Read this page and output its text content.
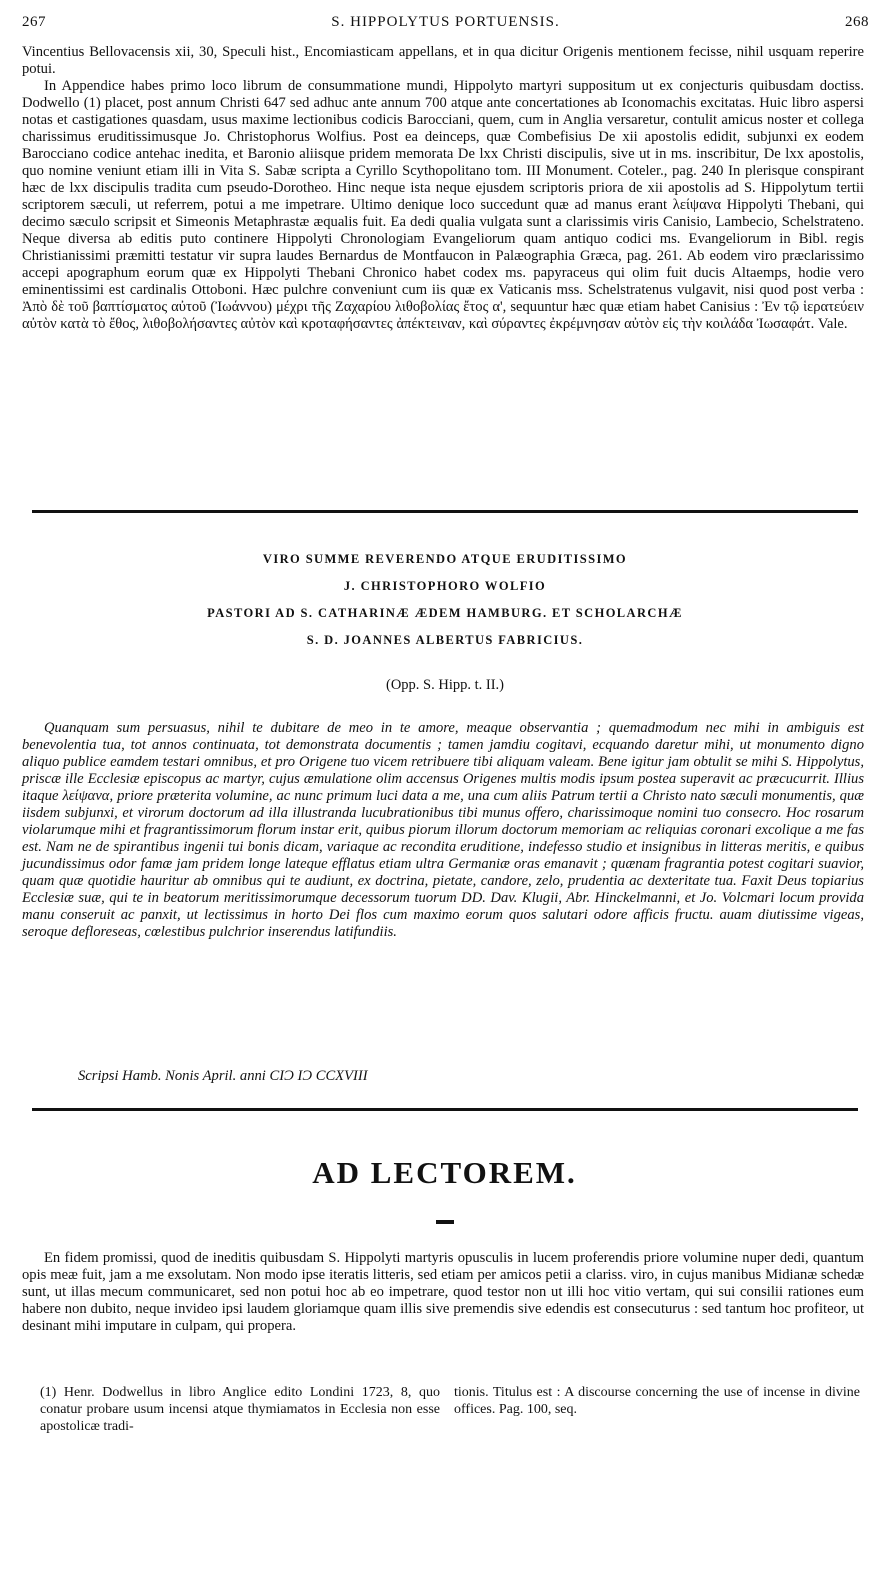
267	S. HIPPOLYTUS PORTUENSIS.	268

Vincentius Bellovacensis xii, 30, Speculi hist., Encomiasticam appellans, et in qua dicitur Origenis mentionem fecisse, nihil usquam reperire potui.

In Appendice habes primo loco librum de consummatione mundi, Hippolyto martyri suppositum ut ex conjecturis quibusdam doctiss. Dodwello (1) placet, post annum Christi 647 sed adhuc ante annum 700 atque ante concertationes ab Iconomachis excitatas. Huic libro aspersi notas et castigationes quasdam, usus maxime lectionibus codicis Barocciani, quem, cum in Anglia versaretur, contulit amicus noster et collega charissimus eruditissimusque Jo. Christophorus Wolfius. Post ea deinceps, quæ Combefisius De xii apostolis edidit, subjunxi ex eodem Barocciano codice antehac inedita, et Baronio aliisque pridem memorata De lxx Christi discipulis, sive ut in ms. inscribitur, De lxx apostolis, quo nomine veniunt etiam illi in Vita S. Sabæ scripta a Cyrillo Scythopolitano tom. III Monument. Coteler., pag. 240 In plerisque conspirant hæc de lxx discipulis tradita cum pseudo-Dorotheo. Hinc neque ista neque ejusdem scriptoris priora de xii apostolis ad S. Hippolytum tertii scriptorem sæculi, ut referrem, potui a me impetrare. Ultimo denique loco succedunt quæ ad manus erant λείψανα Hippolyti Thebani, qui decimo sæculo scripsit et Simeonis Metaphrastæ æqualis fuit. Ea dedi qualia vulgata sunt a clarissimis viris Canisio, Lambecio, Schelstrateno. Neque diversa ab editis puto continere Hippolyti Chronologiam Evangeliorum quam antiquo codici ms. Evangeliorum in Bibl. regis Christianissimi præmitti testatur vir supra laudes Bernardus de Montfaucon in Palæographia Græca, pag. 261. Ab eodem viro præclarissimo accepi apographum eorum quæ ex Hippolyti Thebani Chronico habet codex ms. papyraceus qui olim fuit ducis Altaemps, hodie vero eminentissimi est cardinalis Ottoboni. Hæc pulchre conveniunt cum iis quæ ex Vaticanis mss. Schelstratenus vulgavit, nisi quod post verba : Ἀπὸ δὲ τοῦ βαπτίσματος αὐτοῦ (Ἰωάννου) μέχρι τῆς Ζαχαρίου λιθοβολίας ἔτος α', sequuntur hæc quæ etiam habet Canisius : Ἐν τῷ ἱερατεύειν αὐτὸν κατὰ τὸ ἔθος, λιθοβολήσαντες αὐτὸν καὶ κροταφήσαντες ἀπέκτειναν, καὶ σύραντες ἐκρέμνησαν αὐτὸν εἰς τὴν κοιλάδα Ἰωσαφάτ. Vale.

VIRO SUMME REVERENDO ATQUE ERUDITISSIMO
J. CHRISTOPHORO WOLFIO
PASTORI AD S. CATHARINÆ ÆDEM HAMBURG. ET SCHOLARCHÆ
S. D. JOANNES ALBERTUS FABRICIUS.
(Opp. S. Hipp. t. II.)

Quanquam sum persuasus, nihil te dubitare de meo in te amore, meaque observantia ; quemadmodum nec mihi in ambiguis est benevolentia tua, tot annos continuata, tot demonstrata documentis ; tamen jamdiu cogitavi, ecquando daretur mihi, ut monumento digno aliquo publice eamdem testari omnibus, et pro Origene tuo vicem retribuere tibi aliquam valeam. Bene igitur jam obtulit se mihi S. Hippolytus, priscæ ille Ecclesiæ episcopus ac martyr, cujus æmulatione olim accensus Origenes multis modis ipsum postea superavit ac præcucurrit. Illius itaque λείψανα, priore præterita volumine, ac nunc primum luci data a me, una cum aliis Patrum tertii a Christo nato sæculi monumentis, quæ iisdem subjunxi, et virorum doctorum ad illa illustranda lucubrationibus tibi munus offero, charissimoque nomini tuo consecro. Hoc rosarum violarumque mihi et fragrantissimorum florum instar erit, quibus piorum illorum doctorum memoriam ac reliquias coronari excolique a me fas est. Nam ne de spirantibus ingenii tui bonis dicam, variaque ac recondita eruditione, indefesso studio et insignibus in litteras meritis, e quibus jucundissimus odor famæ jam pridem longe lateque efflatus etiam ultra Germaniæ oras emanavit ; quænam fragrantia potest cogitari suavior, quam quæ quotidie hauritur ab omnibus qui te audiunt, ex doctrina, pietate, candore, zelo, prudentia ac dexteritate tua. Faxit Deus topiarius Ecclesiæ suæ, qui te in beatorum meritissimorumque decessorum tuorum DD. Dav. Klugii, Abr. Hinckelmanni, et Jo. Volcmari locum provida manu conseruit ac panxit, ut lectissimus in horto Dei flos cum maximo eorum quos salutari odore afficis fructu. auam diutissime vigeas, seroque defloreseas, cœlestibus pulchrior inserendus latifundiis.

Scripsi Hamb. Nonis April. anni CIƆ IƆ CCXVIII
AD LECTOREM.

En fidem promissi, quod de ineditis quibusdam S. Hippolyti martyris opusculis in lucem proferendis priore volumine nuper dedi, quantum opis meæ fuit, jam a me exsolutam. Non modo ipse iteratis litteris, sed etiam per amicos petii a clariss. viro, in cujus manibus Midianæ schedæ sunt, ut illas mecum communicaret, sed non potui hoc ab eo impetrare, quod testor non ut illi hoc vitio vertam, qui sui consilii rationes eum habere non dubito, neque invideo ipsi laudem gloriamque quam illis sive premendis sive edendis est consecuturus : sed tantum hoc profiteor, ut desinant mihi imputare in culpam, qui propera.

(1) Henr. Dodwellus in libro Anglice edito Londini 1723, 8, quo conatur probare usum incensi atque thymiamatos in Ecclesia non esse apostolicæ tradi-
tionis. Titulus est : A discourse concerning the use of incense in divine offices. Pag. 100, seq.
